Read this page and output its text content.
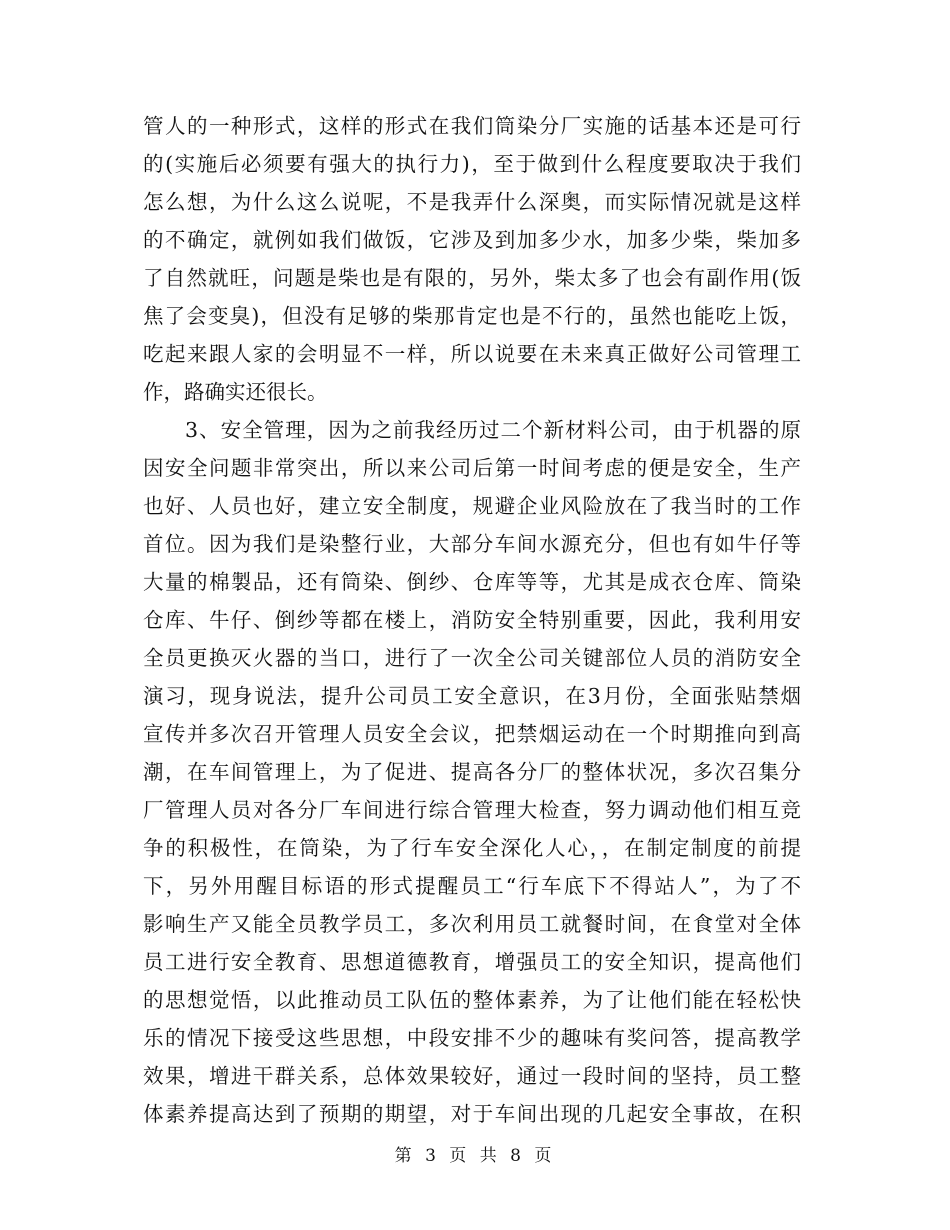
管人的一种形式，这样的形式在我们筒染分厂实施的话基本还是可行
的(实施后必须要有强大的执行力)，至于做到什么程度要取决于我们
怎么想，为什么这么说呢，不是我弄什么深奥，而实际情况就是这样
的不确定，就例如我们做饭，它涉及到加多少水，加多少柴，柴加多
了自然就旺，问题是柴也是有限的，另外，柴太多了也会有副作用(饭
焦了会变臭)，但没有足够的柴那肯定也是不行的，虽然也能吃上饭，
吃起来跟人家的会明显不一样，所以说要在未来真正做好公司管理工
作，路确实还很长。
3、安全管理，因为之前我经历过二个新材料公司，由于机器的原
因安全问题非常突出，所以来公司后第一时间考虑的便是安全，生产
也好、人员也好，建立安全制度，规避企业风险放在了我当时的工作
首位。因为我们是染整行业，大部分车间水源充分，但也有如牛仔等
大量的棉製品，还有筒染、倒纱、仓库等等，尤其是成衣仓库、筒染
仓库、牛仔、倒纱等都在楼上，消防安全特别重要，因此，我利用安
全员更换灭火器的当口，进行了一次全公司关键部位人员的消防安全
演习，现身说法，提升公司员工安全意识，在3月份，全面张贴禁烟
宣传并多次召开管理人员安全会议，把禁烟运动在一个时期推向到高
潮，在车间管理上，为了促进、提高各分厂的整体状况，多次召集分
厂管理人员对各分厂车间进行综合管理大检查，努力调动他们相互竞
争的积极性，在筒染，为了行车安全深化人心，，在制定制度的前提
下，另外用醒目标语的形式提醒员工“行车底下不得站人”，为了不
影响生产又能全员教学员工，多次利用员工就餐时间，在食堂对全体
员工进行安全教育、思想道德教育，增强员工的安全知识，提高他们
的思想觉悟，以此推动员工队伍的整体素养，为了让他们能在轻松快
乐的情况下接受这些思想，中段安排不少的趣味有奖问答，提高教学
效果，增进干群关系，总体效果较好，通过一段时间的坚持，员工整
体素养提高达到了预期的期望，对于车间出现的几起安全事故，在积
第 3 页 共 8 页
